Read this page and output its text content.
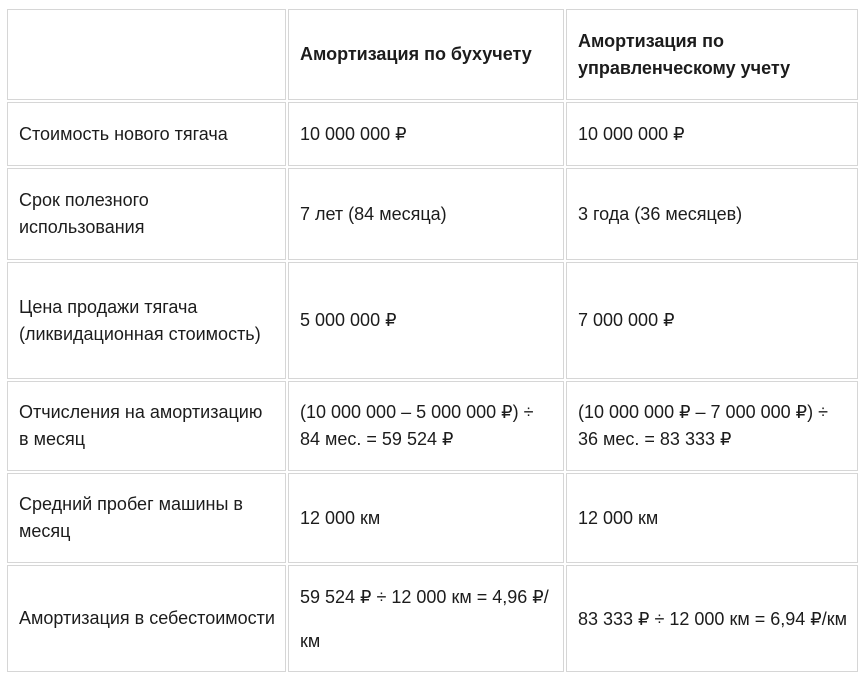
	Амортизация по бухучету	Амортизация по управленческому учету
Стоимость нового тягача	10 000 000 ₽	10 000 000 ₽
Срок полезного использования	7 лет (84 месяца)	3 года (36 месяцев)
Цена продажи тягача (ликвидационная стоимость)	5 000 000 ₽	7 000 000 ₽
Отчисления на амортизацию в месяц	(10 000 000 – 5 000 000 ₽) ÷ 84 мес. = 59 524 ₽	(10 000 000 ₽ – 7 000 000 ₽) ÷ 36 мес. = 83 333 ₽
Средний пробег машины в месяц	12 000 км	12 000 км
Амортизация в себестоимости	59 524 ₽ ÷ 12 000 км = 4,96 ₽/км	83 333 ₽ ÷ 12 000 км = 6,94 ₽/км
